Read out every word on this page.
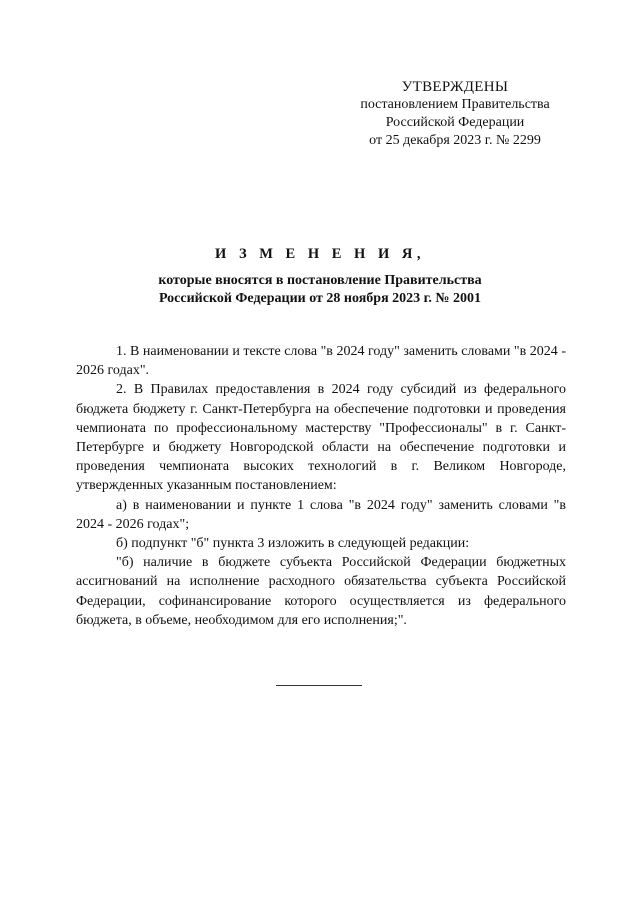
УТВЕРЖДЕНЫ
постановлением Правительства
Российской Федерации
от 25 декабря 2023 г. № 2299
И З М Е Н Е Н И Я,
которые вносятся в постановление Правительства
Российской Федерации от 28 ноября 2023 г. № 2001

1. В наименовании и тексте слова "в 2024 году" заменить словами "в 2024 - 2026 годах".

2. В Правилах предоставления в 2024 году субсидий из федерального бюджета бюджету г. Санкт-Петербурга на обеспечение подготовки и проведения чемпионата по профессиональному мастерству "Профессионалы" в г. Санкт-Петербурге и бюджету Новгородской области на обеспечение подготовки и проведения чемпионата высоких технологий в г. Великом Новгороде, утвержденных указанным постановлением:

а) в наименовании и пункте 1 слова "в 2024 году" заменить словами "в 2024 - 2026 годах";

б) подпункт "б" пункта 3 изложить в следующей редакции:

"б) наличие в бюджете субъекта Российской Федерации бюджетных ассигнований на исполнение расходного обязательства субъекта Российской Федерации, софинансирование которого осуществляется из федерального бюджета, в объеме, необходимом для его исполнения;".
